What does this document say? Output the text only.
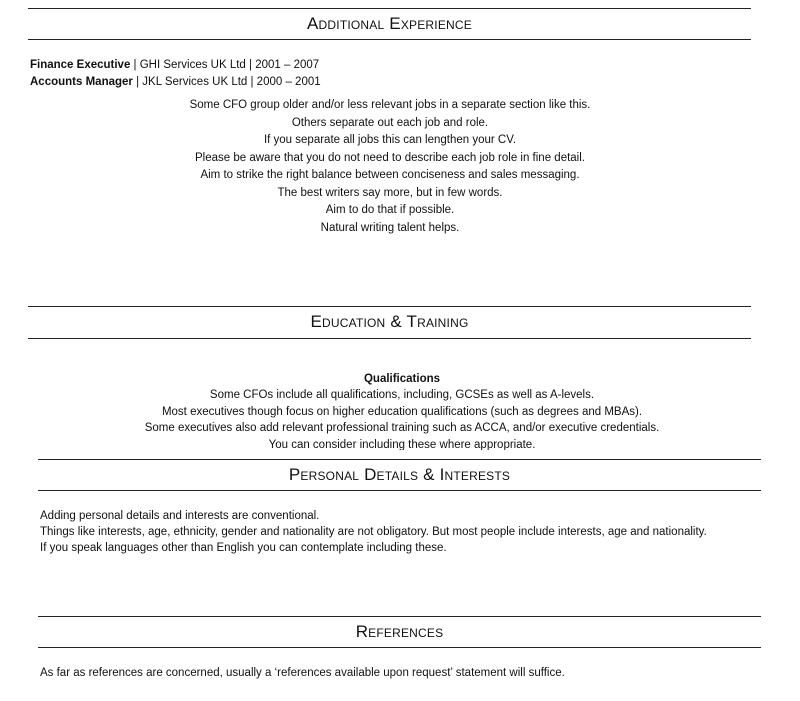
Additional Experience
Finance Executive | GHI Services UK Ltd | 2001 – 2007
Accounts Manager | JKL Services UK Ltd | 2000 – 2001
Some CFO group older and/or less relevant jobs in a separate section like this.
Others separate out each job and role.
If you separate all jobs this can lengthen your CV.
Please be aware that you do not need to describe each job role in fine detail.
Aim to strike the right balance between conciseness and sales messaging.
The best writers say more, but in few words.
Aim to do that if possible.
Natural writing talent helps.
Education & Training
Qualifications
Some CFOs include all qualifications, including, GCSEs as well as A-levels.
Most executives though focus on higher education qualifications (such as degrees and MBAs).
Some executives also add relevant professional training such as ACCA, and/or executive credentials.
You can consider including these where appropriate.
Personal Details & Interests
Adding personal details and interests are conventional.
Things like interests, age, ethnicity, gender and nationality are not obligatory. But most people include interests, age and nationality.
If you speak languages other than English you can contemplate including these.
References
As far as references are concerned, usually a ‘references available upon request’ statement will suffice.
